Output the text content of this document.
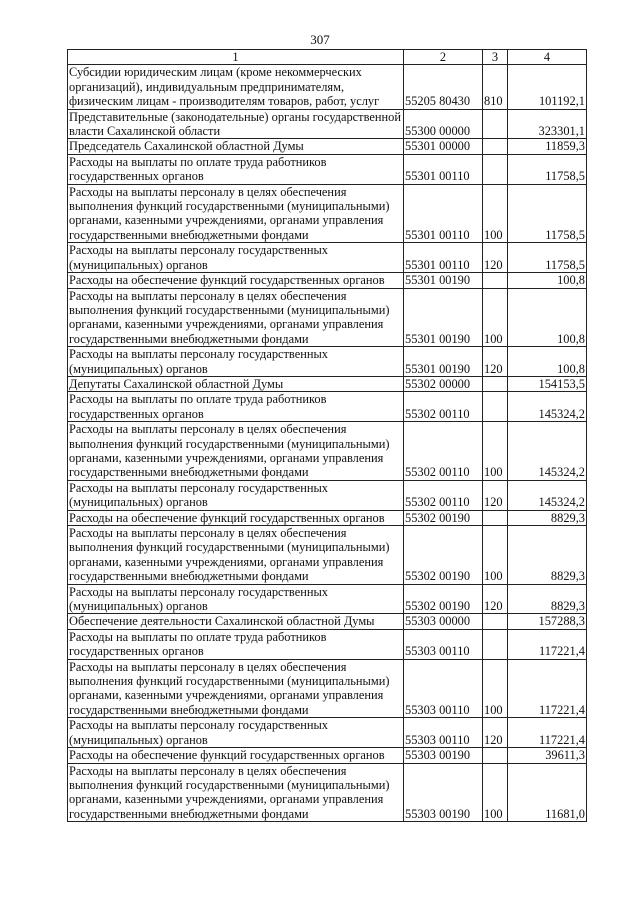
307
1	2	3	4
Субсидии юридическим лицам (кроме некоммерческих организаций), индивидуальным предпринимателям, физическим лицам - производителям товаров, работ, услуг	55205 80430	810	101192,1
Представительные (законодательные) органы государственной власти Сахалинской области	55300 00000		323301,1
Председатель Сахалинской областной Думы	55301 00000		11859,3
Расходы на выплаты по оплате труда работников государственных органов	55301 00110		11758,5
Расходы на выплаты персоналу в целях обеспечения выполнения функций государственными (муниципальными) органами, казенными учреждениями, органами управления государственными внебюджетными фондами	55301 00110	100	11758,5
Расходы на выплаты персоналу государственных (муниципальных) органов	55301 00110	120	11758,5
Расходы на обеспечение функций государственных органов	55301 00190		100,8
Расходы на выплаты персоналу в целях обеспечения выполнения функций государственными (муниципальными) органами, казенными учреждениями, органами управления государственными внебюджетными фондами	55301 00190	100	100,8
Расходы на выплаты персоналу государственных (муниципальных) органов	55301 00190	120	100,8
Депутаты Сахалинской областной Думы	55302 00000		154153,5
Расходы на выплаты по оплате труда работников государственных органов	55302 00110		145324,2
Расходы на выплаты персоналу в целях обеспечения выполнения функций государственными (муниципальными) органами, казенными учреждениями, органами управления государственными внебюджетными фондами	55302 00110	100	145324,2
Расходы на выплаты персоналу государственных (муниципальных) органов	55302 00110	120	145324,2
Расходы на обеспечение функций государственных органов	55302 00190		8829,3
Расходы на выплаты персоналу в целях обеспечения выполнения функций государственными (муниципальными) органами, казенными учреждениями, органами управления государственными внебюджетными фондами	55302 00190	100	8829,3
Расходы на выплаты персоналу государственных (муниципальных) органов	55302 00190	120	8829,3
Обеспечение деятельности Сахалинской областной Думы	55303 00000		157288,3
Расходы на выплаты по оплате труда работников государственных органов	55303 00110		117221,4
Расходы на выплаты персоналу в целях обеспечения выполнения функций государственными (муниципальными) органами, казенными учреждениями, органами управления государственными внебюджетными фондами	55303 00110	100	117221,4
Расходы на выплаты персоналу государственных (муниципальных) органов	55303 00110	120	117221,4
Расходы на обеспечение функций государственных органов	55303 00190		39611,3
Расходы на выплаты персоналу в целях обеспечения выполнения функций государственными (муниципальными) органами, казенными учреждениями, органами управления государственными внебюджетными фондами	55303 00190	100	11681,0
